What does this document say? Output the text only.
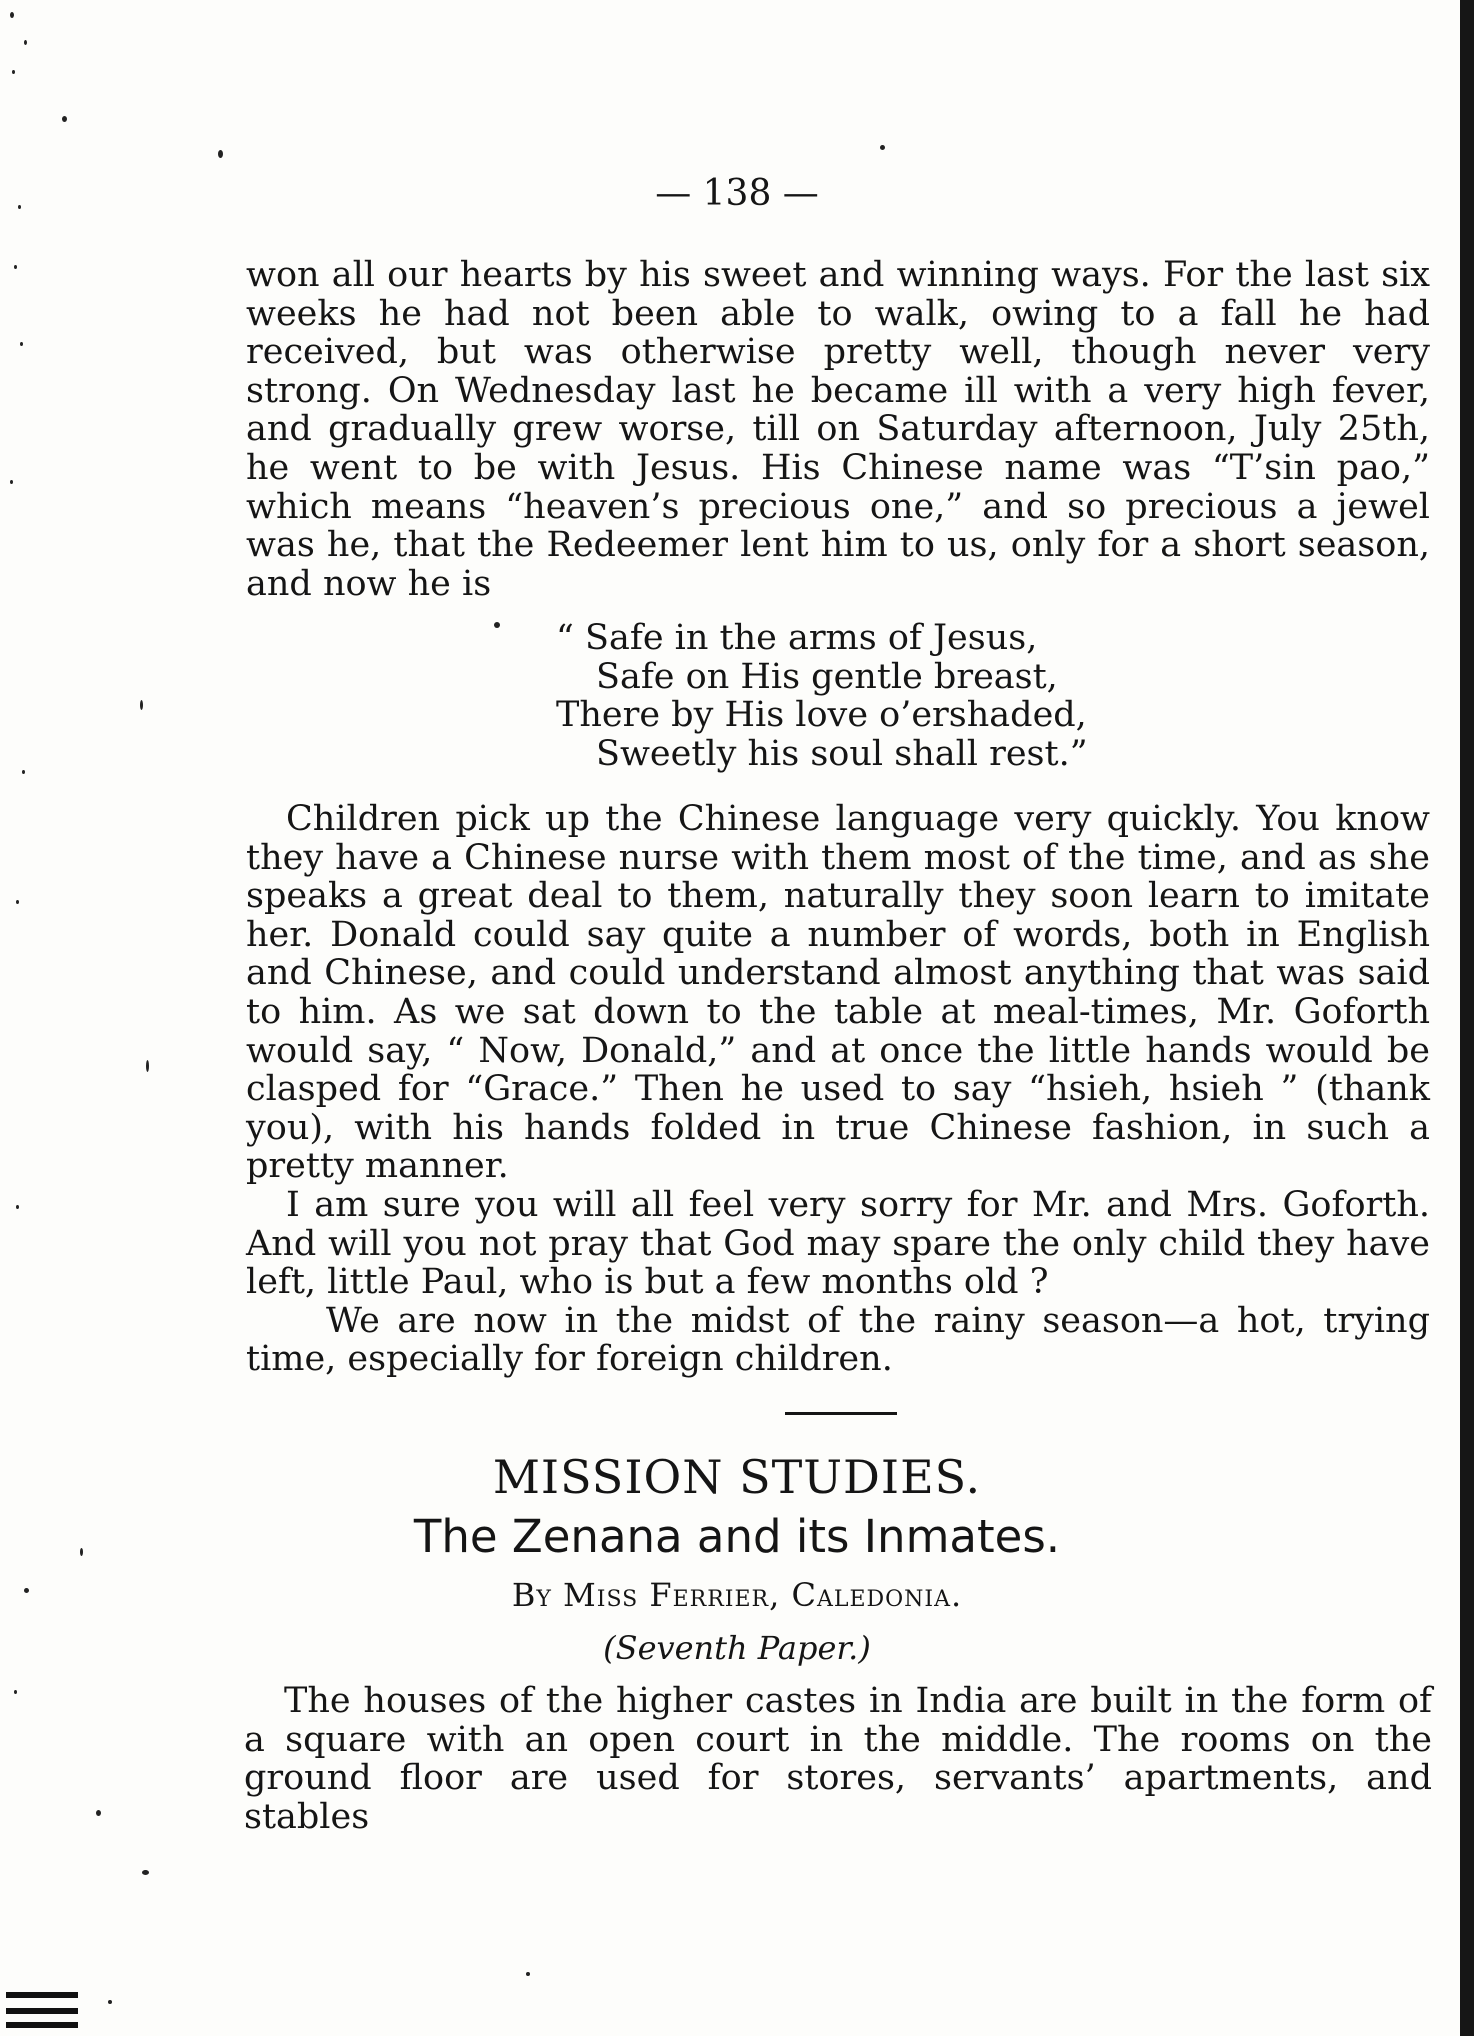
— 138 —

won all our hearts by his sweet and winning ways. For the last six weeks he had not been able to walk, owing to a fall he had received, but was otherwise pretty well, though never very strong. On Wednesday last he became ill with a very high fever, and gradually grew worse, till on Saturday afternoon, July 25th, he went to be with Jesus. His Chinese name was “T’sin pao,” which means “heaven’s precious one,” and so precious a jewel was he, that the Redeemer lent him to us, only for a short season, and now he is

“ Safe in the arms of Jesus,
Safe on His gentle breast,
There by His love o’ershaded,
Sweetly his soul shall rest.”

Children pick up the Chinese language very quickly. You know they have a Chinese nurse with them most of the time, and as she speaks a great deal to them, naturally they soon learn to imitate her. Donald could say quite a number of words, both in English and Chinese, and could understand almost anything that was said to him. As we sat down to the table at meal-times, Mr. Goforth would say, “ Now, Donald,” and at once the little hands would be clasped for “Grace.” Then he used to say “hsieh, hsieh ” (thank you), with his hands folded in true Chinese fashion, in such a pretty manner.

I am sure you will all feel very sorry for Mr. and Mrs. Goforth. And will you not pray that God may spare the only child they have left, little Paul, who is but a few months old ?

We are now in the midst of the rainy season—a hot, trying time, especially for foreign children.

MISSION STUDIES.
The Zenana and its Inmates.
By Miss Ferrier, Caledonia.
(Seventh Paper.)

The houses of the higher castes in India are built in the form of a square with an open court in the middle. The rooms on the ground floor are used for stores, servants’ apartments, and stables
